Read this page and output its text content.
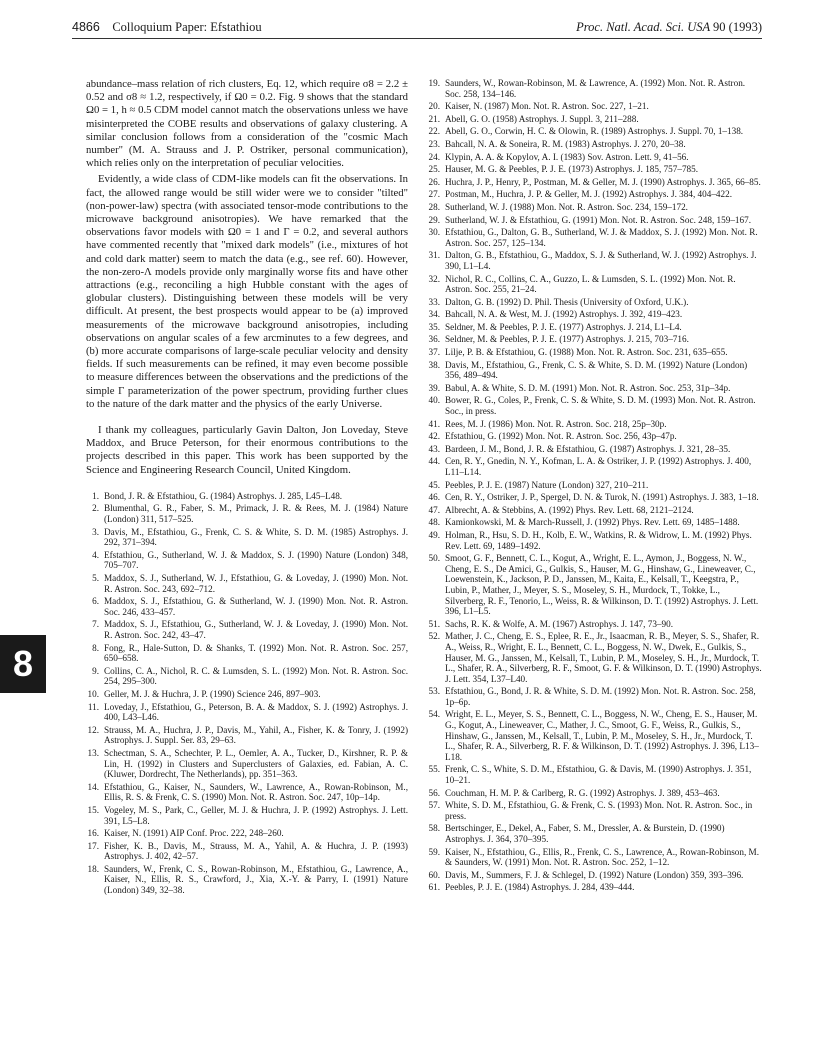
4866 Colloquium Paper: Efstathiou	Proc. Natl. Acad. Sci. USA 90 (1993)
8

abundance–mass relation of rich clusters, Eq. 12, which require σ8 = 2.2 ± 0.52 and σ8 ≈ 1.2, respectively, if Ω0 = 0.2. Fig. 9 shows that the standard Ω0 = 1, h ≈ 0.5 CDM model cannot match the observations unless we have misinterpreted the COBE results and observations of galaxy clustering. A similar conclusion follows from a consideration of the "cosmic Mach number" (M. A. Strauss and J. P. Ostriker, personal communication), which relies only on the interpretation of peculiar velocities.

Evidently, a wide class of CDM-like models can fit the observations. In fact, the allowed range would be still wider were we to consider "tilted" (non-power-law) spectra (with associated tensor-mode contributions to the microwave background anisotropies). We have remarked that the observations favor models with Ω0 = 1 and Γ = 0.2, and several authors have commented recently that "mixed dark models" (i.e., mixtures of hot and cold dark matter) seem to match the data (e.g., see ref. 60). However, the non-zero-Λ models provide only marginally worse fits and have other attractions (e.g., reconciling a high Hubble constant with the ages of globular clusters). Distinguishing between these models will be very difficult. At present, the best prospects would appear to be (a) improved measurements of the microwave background anisotropies, including observations on angular scales of a few arcminutes to a few degrees, and (b) more accurate comparisons of large-scale peculiar velocity and density fields. If such measurements can be refined, it may even become possible to measure differences between the observations and the predictions of the simple Γ parameterization of the power spectrum, providing further clues to the nature of the dark matter and the physics of the early Universe.

I thank my colleagues, particularly Gavin Dalton, Jon Loveday, Steve Maddox, and Bruce Peterson, for their enormous contributions to the projects described in this paper. This work has been supported by the Science and Engineering Research Council, United Kingdom.

1. Bond, J. R. & Efstathiou, G. (1984) Astrophys. J. 285, L45–L48.
2. Blumenthal, G. R., Faber, S. M., Primack, J. R. & Rees, M. J. (1984) Nature (London) 311, 517–525.
3. Davis, M., Efstathiou, G., Frenk, C. S. & White, S. D. M. (1985) Astrophys. J. 292, 371–394.
4. Efstathiou, G., Sutherland, W. J. & Maddox, S. J. (1990) Nature (London) 348, 705–707.
5. Maddox, S. J., Sutherland, W. J., Efstathiou, G. & Loveday, J. (1990) Mon. Not. R. Astron. Soc. 243, 692–712.
6. Maddox, S. J., Efstathiou, G. & Sutherland, W. J. (1990) Mon. Not. R. Astron. Soc. 246, 433–457.
7. Maddox, S. J., Efstathiou, G., Sutherland, W. J. & Loveday, J. (1990) Mon. Not. R. Astron. Soc. 242, 43–47.
8. Fong, R., Hale-Sutton, D. & Shanks, T. (1992) Mon. Not. R. Astron. Soc. 257, 650–658.
9. Collins, C. A., Nichol, R. C. & Lumsden, S. L. (1992) Mon. Not. R. Astron. Soc. 254, 295–300.
10. Geller, M. J. & Huchra, J. P. (1990) Science 246, 897–903.
11. Loveday, J., Efstathiou, G., Peterson, B. A. & Maddox, S. J. (1992) Astrophys. J. 400, L43–L46.
12. Strauss, M. A., Huchra, J. P., Davis, M., Yahil, A., Fisher, K. & Tonry, J. (1992) Astrophys. J. Suppl. Ser. 83, 29–63.
13. Schectman, S. A., Schechter, P. L., Oemler, A. A., Tucker, D., Kirshner, R. P. & Lin, H. (1992) in Clusters and Superclusters of Galaxies, ed. Fabian, A. C. (Kluwer, Dordrecht, The Netherlands), pp. 351–363.
14. Efstathiou, G., Kaiser, N., Saunders, W., Lawrence, A., Rowan-Robinson, M., Ellis, R. S. & Frenk, C. S. (1990) Mon. Not. R. Astron. Soc. 247, 10p–14p.
15. Vogeley, M. S., Park, C., Geller, M. J. & Huchra, J. P. (1992) Astrophys. J. Lett. 391, L5–L8.
16. Kaiser, N. (1991) AIP Conf. Proc. 222, 248–260.
17. Fisher, K. B., Davis, M., Strauss, M. A., Yahil, A. & Huchra, J. P. (1993) Astrophys. J. 402, 42–57.
18. Saunders, W., Frenk, C. S., Rowan-Robinson, M., Efstathiou, G., Lawrence, A., Kaiser, N., Ellis, R. S., Crawford, J., Xia, X.-Y. & Parry, I. (1991) Nature (London) 349, 32–38.
19. Saunders, W., Rowan-Robinson, M. & Lawrence, A. (1992) Mon. Not. R. Astron. Soc. 258, 134–146.
20. Kaiser, N. (1987) Mon. Not. R. Astron. Soc. 227, 1–21.
21. Abell, G. O. (1958) Astrophys. J. Suppl. 3, 211–288.
22. Abell, G. O., Corwin, H. C. & Olowin, R. (1989) Astrophys. J. Suppl. 70, 1–138.
23. Bahcall, N. A. & Soneira, R. M. (1983) Astrophys. J. 270, 20–38.
24. Klypin, A. A. & Kopylov, A. I. (1983) Sov. Astron. Lett. 9, 41–56.
25. Hauser, M. G. & Peebles, P. J. E. (1973) Astrophys. J. 185, 757–785.
26. Huchra, J. P., Henry, P., Postman, M. & Geller, M. J. (1990) Astrophys. J. 365, 66–85.
27. Postman, M., Huchra, J. P. & Geller, M. J. (1992) Astrophys. J. 384, 404–422.
28. Sutherland, W. J. (1988) Mon. Not. R. Astron. Soc. 234, 159–172.
29. Sutherland, W. J. & Efstathiou, G. (1991) Mon. Not. R. Astron. Soc. 248, 159–167.
30. Efstathiou, G., Dalton, G. B., Sutherland, W. J. & Maddox, S. J. (1992) Mon. Not. R. Astron. Soc. 257, 125–134.
31. Dalton, G. B., Efstathiou, G., Maddox, S. J. & Sutherland, W. J. (1992) Astrophys. J. 390, L1–L4.
32. Nichol, R. C., Collins, C. A., Guzzo, L. & Lumsden, S. L. (1992) Mon. Not. R. Astron. Soc. 255, 21–24.
33. Dalton, G. B. (1992) D. Phil. Thesis (University of Oxford, U.K.).
34. Bahcall, N. A. & West, M. J. (1992) Astrophys. J. 392, 419–423.
35. Seldner, M. & Peebles, P. J. E. (1977) Astrophys. J. 214, L1–L4.
36. Seldner, M. & Peebles, P. J. E. (1977) Astrophys. J. 215, 703–716.
37. Lilje, P. B. & Efstathiou, G. (1988) Mon. Not. R. Astron. Soc. 231, 635–655.
38. Davis, M., Efstathiou, G., Frenk, C. S. & White, S. D. M. (1992) Nature (London) 356, 489–494.
39. Babul, A. & White, S. D. M. (1991) Mon. Not. R. Astron. Soc. 253, 31p–34p.
40. Bower, R. G., Coles, P., Frenk, C. S. & White, S. D. M. (1993) Mon. Not. R. Astron. Soc., in press.
41. Rees, M. J. (1986) Mon. Not. R. Astron. Soc. 218, 25p–30p.
42. Efstathiou, G. (1992) Mon. Not. R. Astron. Soc. 256, 43p–47p.
43. Bardeen, J. M., Bond, J. R. & Efstathiou, G. (1987) Astrophys. J. 321, 28–35.
44. Cen, R. Y., Gnedin, N. Y., Kofman, L. A. & Ostriker, J. P. (1992) Astrophys. J. 400, L11–L14.
45. Peebles, P. J. E. (1987) Nature (London) 327, 210–211.
46. Cen, R. Y., Ostriker, J. P., Spergel, D. N. & Turok, N. (1991) Astrophys. J. 383, 1–18.
47. Albrecht, A. & Stebbins, A. (1992) Phys. Rev. Lett. 68, 2121–2124.
48. Kamionkowski, M. & March-Russell, J. (1992) Phys. Rev. Lett. 69, 1485–1488.
49. Holman, R., Hsu, S. D. H., Kolb, E. W., Watkins, R. & Widrow, L. M. (1992) Phys. Rev. Lett. 69, 1489–1492.
50. Smoot, G. F., Bennett, C. L., Kogut, A., Wright, E. L., Aymon, J., Boggess, N. W., Cheng, E. S., De Amici, G., Gulkis, S., Hauser, M. G., Hinshaw, G., Lineweaver, C., Loewenstein, K., Jackson, P. D., Janssen, M., Kaita, E., Kelsall, T., Keegstra, P., Lubin, P., Mather, J., Meyer, S. S., Moseley, S. H., Murdock, T., Tokke, L., Silverberg, R. F., Tenorio, L., Weiss, R. & Wilkinson, D. T. (1992) Astrophys. J. Lett. 396, L1–L5.
51. Sachs, R. K. & Wolfe, A. M. (1967) Astrophys. J. 147, 73–90.
52. Mather, J. C., Cheng, E. S., Eplee, R. E., Jr., Isaacman, R. B., Meyer, S. S., Shafer, R. A., Weiss, R., Wright, E. L., Bennett, C. L., Boggess, N. W., Dwek, E., Gulkis, S., Hauser, M. G., Janssen, M., Kelsall, T., Lubin, P. M., Moseley, S. H., Jr., Murdock, T. L., Shafer, R. A., Silverberg, R. F., Smoot, G. F. & Wilkinson, D. T. (1990) Astrophys. J. Lett. 354, L37–L40.
53. Efstathiou, G., Bond, J. R. & White, S. D. M. (1992) Mon. Not. R. Astron. Soc. 258, 1p–6p.
54. Wright, E. L., Meyer, S. S., Bennett, C. L., Boggess, N. W., Cheng, E. S., Hauser, M. G., Kogut, A., Lineweaver, C., Mather, J. C., Smoot, G. F., Weiss, R., Gulkis, S., Hinshaw, G., Janssen, M., Kelsall, T., Lubin, P. M., Moseley, S. H., Jr., Murdock, T. L., Shafer, R. A., Silverberg, R. F. & Wilkinson, D. T. (1992) Astrophys. J. 396, L13–L18.
55. Frenk, C. S., White, S. D. M., Efstathiou, G. & Davis, M. (1990) Astrophys. J. 351, 10–21.
56. Couchman, H. M. P. & Carlberg, R. G. (1992) Astrophys. J. 389, 453–463.
57. White, S. D. M., Efstathiou, G. & Frenk, C. S. (1993) Mon. Not. R. Astron. Soc., in press.
58. Bertschinger, E., Dekel, A., Faber, S. M., Dressler, A. & Burstein, D. (1990) Astrophys. J. 364, 370–395.
59. Kaiser, N., Efstathiou, G., Ellis, R., Frenk, C. S., Lawrence, A., Rowan-Robinson, M. & Saunders, W. (1991) Mon. Not. R. Astron. Soc. 252, 1–12.
60. Davis, M., Summers, F. J. & Schlegel, D. (1992) Nature (London) 359, 393–396.
61. Peebles, P. J. E. (1984) Astrophys. J. 284, 439–444.
